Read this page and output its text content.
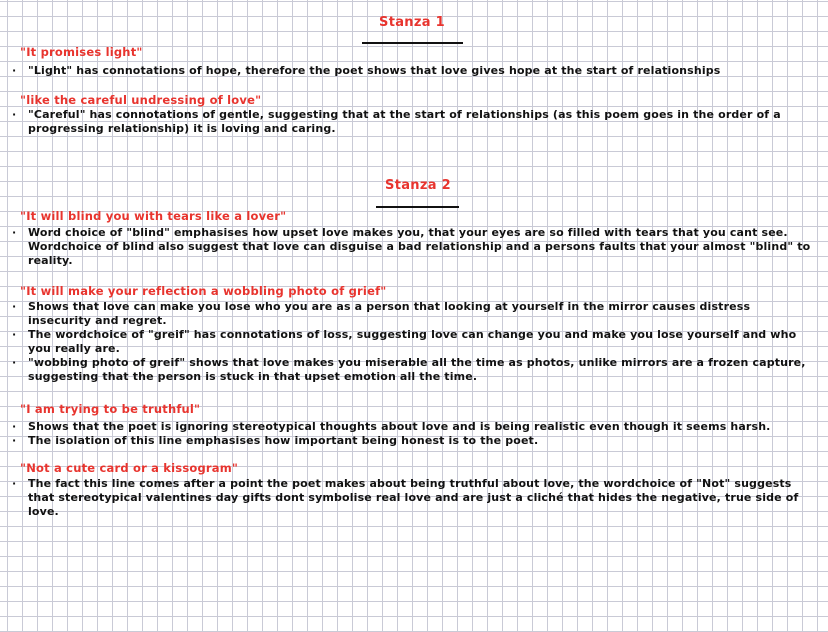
Stanza 1
"It promises light"
· "Light" has connotations of hope, therefore the poet shows that love gives hope at the start of relationships
"like the careful undressing of love"
· "Careful" has connotations of gentle, suggesting that at the start of relationships (as this poem goes in the order of a progressing relationship) it is loving and caring.
Stanza 2
"It will blind you with tears like a lover"
· Word choice of "blind" emphasises how upset love makes you, that your eyes are so filled with tears that you cant see. Wordchoice of blind also suggest that love can disguise a bad relationship and a persons faults that your almost "blind" to reality.
"It will make your reflection a wobbling photo of grief"
· Shows that love can make you lose who you are as a person that looking at yourself in the mirror causes distress insecurity and regret.
· The wordchoice of "greif" has connotations of loss, suggesting love can change you and make you lose yourself and who you really are.
· "wobbing photo of greif" shows that love makes you miserable all the time as photos, unlike mirrors are a frozen capture, suggesting that the person is stuck in that upset emotion all the time.
"I am trying to be truthful"
· Shows that the poet is ignoring stereotypical thoughts about love and is being realistic even though it seems harsh.
· The isolation of this line emphasises how important being honest is to the poet.
"Not a cute card or a kissogram"
· The fact this line comes after a point the poet makes about being truthful about love, the wordchoice of "Not" suggests that stereotypical valentines day gifts dont symbolise real love and are just a cliché that hides the negative, true side of love.
